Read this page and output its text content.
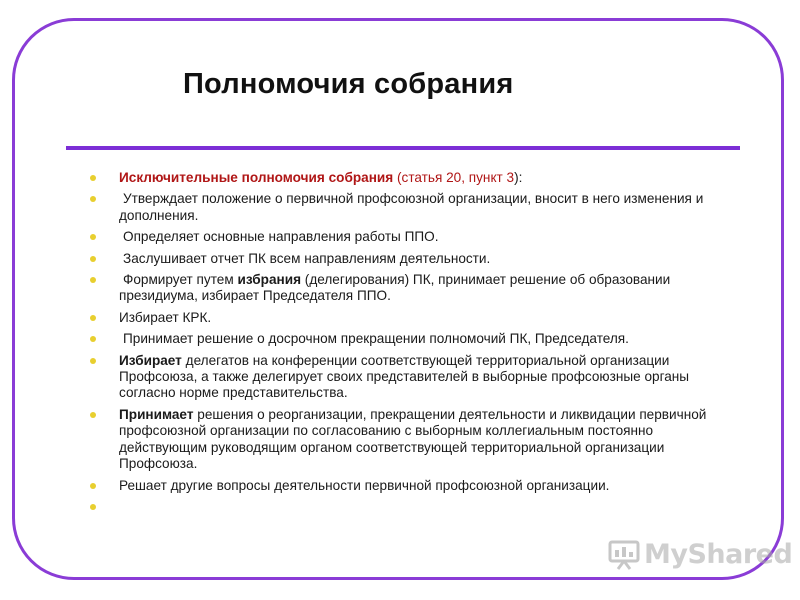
Полномочия собрания
Исключительные полномочия собрания (статья 20, пункт 3):
Утверждает положение о первичной профсоюзной организации, вносит в него изменения и дополнения.
Определяет основные направления работы ППО.
Заслушивает отчет ПК всем направлениям деятельности.
Формирует путем избрания (делегирования) ПК, принимает решение об образовании президиума, избирает Председателя ППО.
Избирает КРК.
Принимает решение о досрочном прекращении полномочий ПК, Председателя.
Избирает делегатов на конференции соответствующей территориальной организации Профсоюза, а также делегирует своих представителей в выборные профсоюзные органы согласно норме представительства.
Принимает решения о реорганизации, прекращении деятельности и ликвидации первичной профсоюзной организации по согласованию с выборным коллегиальным постоянно действующим руководящим органом соответствующей территориальной организации Профсоюза.
Решает другие вопросы деятельности первичной профсоюзной организации.
MyShared
